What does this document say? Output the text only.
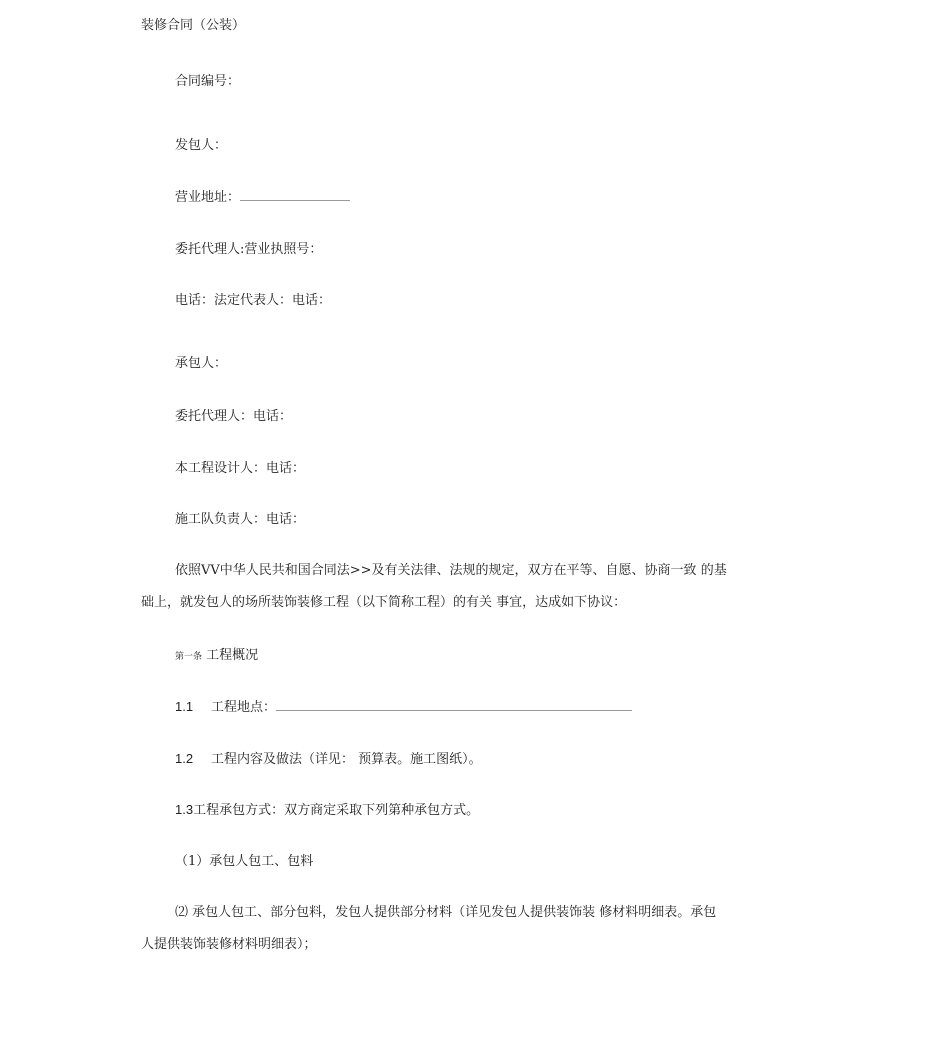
装修合同（公装）
合同编号：
发包人：
营业地址：
委托代理人:营业执照号：
电话：法定代表人：电话：
承包人：
委托代理人：电话：
本工程设计人：电话：
施工队负责人：电话：
依照VV中华人民共和国合同法>>及有关法律、法规的规定，双方在平等、自愿、协商一致 的基
础上，就发包人的场所装饰装修工程（以下简称工程）的有关 事宜，达成如下协议：
第一条 工程概况
1.1 工程地点：
1.2 工程内容及做法（详见： 预算表。施工图纸）。
1.3工程承包方式：双方商定采取下列第种承包方式。
（1）承包人包工、包料
⑵ 承包人包工、部分包料，发包人提供部分材料（详见发包人提供装饰装 修材料明细表。承包
人提供装饰装修材料明细表）；
